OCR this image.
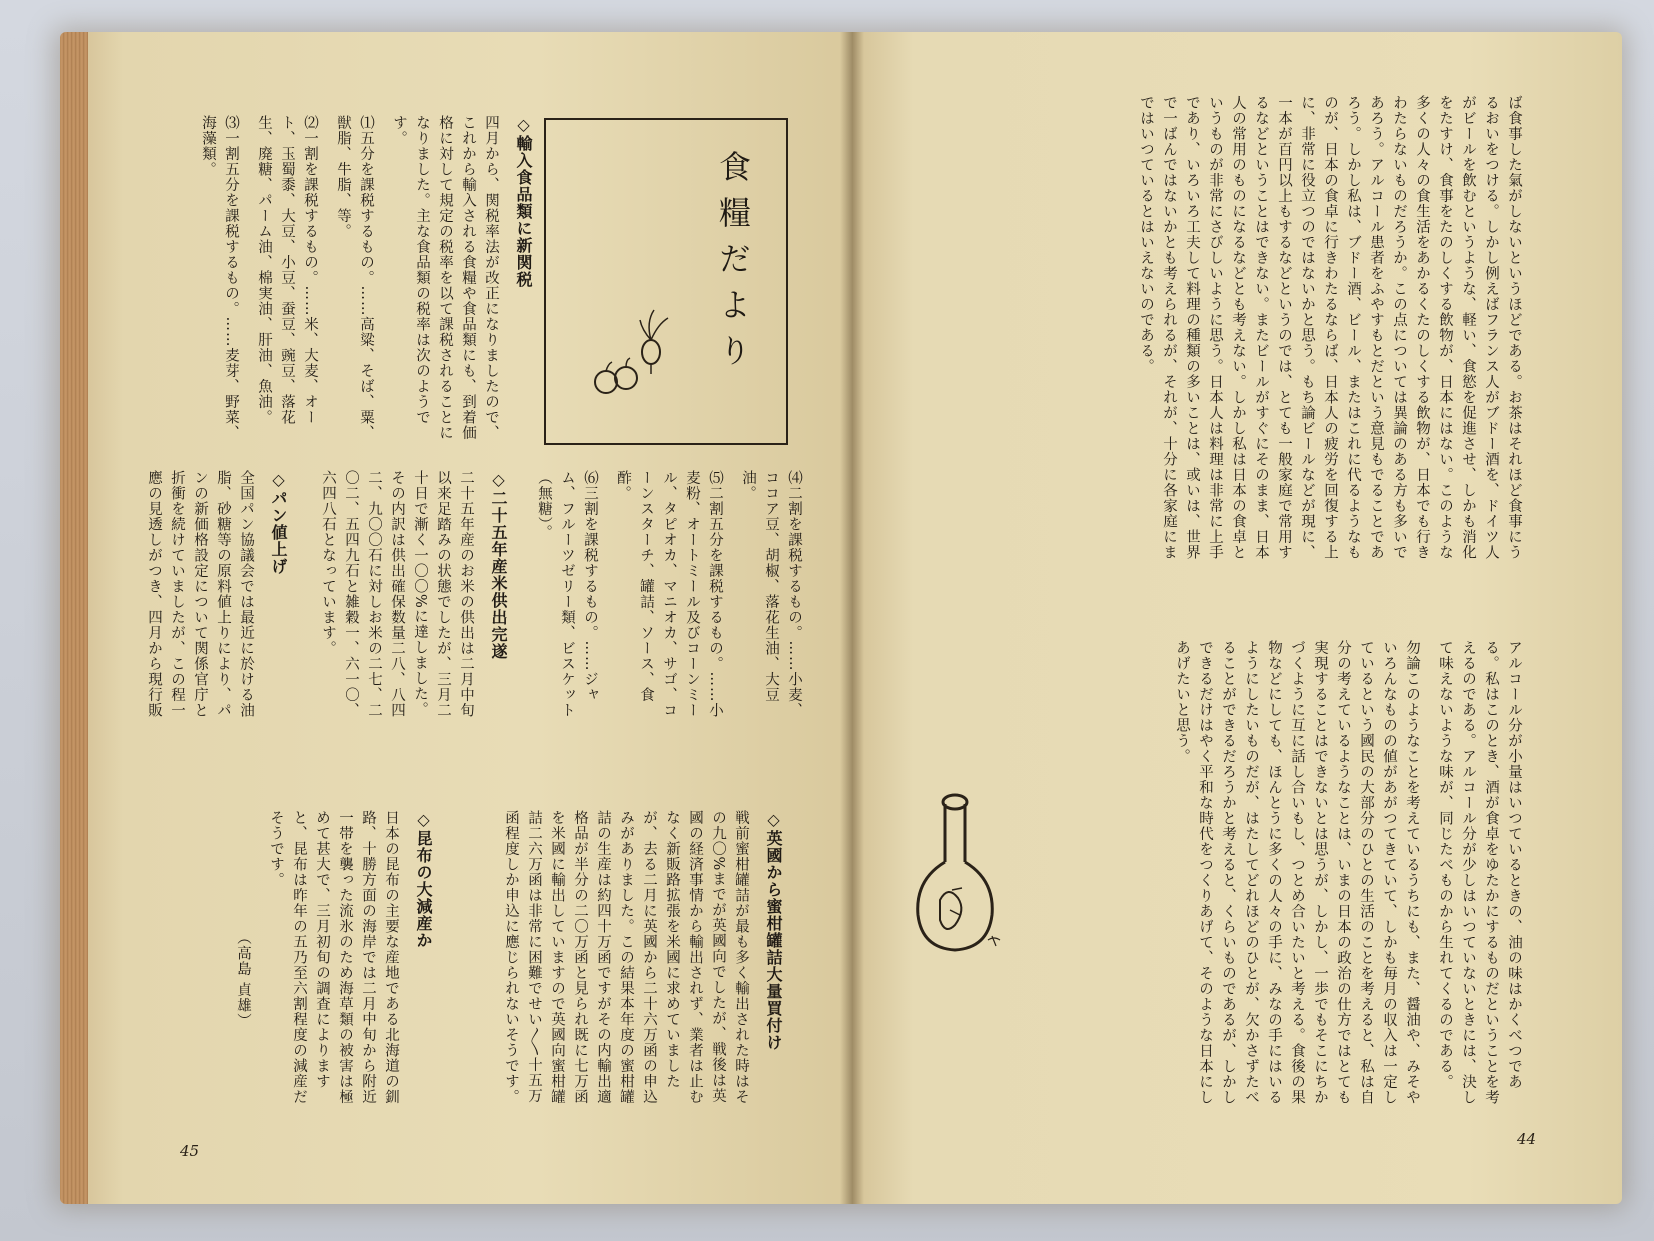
食糧だより

◇輸入食品類に新関税

四月から、関税率法が改正になりましたので、これから輸入される食糧や食品類にも、到着価格に対して規定の税率を以て課税されることになりました。主な食品類の税率は次のようです。

⑴五分を課税するもの。……高粱、そば、粟、獣脂、牛脂、等。

⑵一割を課税するもの。……米、大麦、オート、玉蜀黍、大豆、小豆、蚕豆、豌豆、落花生、廃糖、パーム油、棉実油、肝油、魚油。

⑶一割五分を課税するもの。……麦芽、野菜、海藻類。

⑷二割を課税するもの。……小麦、ココア豆、胡椒、落花生油、大豆油。

⑸二割五分を課税するもの。……小麦粉、オートミール及びコーンミール、タピオカ、マニオカ、サゴ、コーンスターチ、罐詰、ソース、食酢。

⑹三割を課税するもの。……ジャム、フルーツゼリー類、ビスケット（無糖）。

◇二十五年産米供出完遂

二十五年産のお米の供出は二月中旬以来足踏みの状態でしたが、三月二十日で漸く一〇〇%に達しました。その内訳は供出確保数量二八、八四二、九〇〇石に対しお米の二七、二〇二、五四九石と雑穀一、六一〇、六四八石となっています。

◇パン値上げ

全国パン協議会では最近に於ける油脂、砂糖等の原料値上りにより、パンの新価格設定について関係官庁と折衝を続けていましたが、この程一應の見透しがつき、四月から現行販

◇英國から蜜柑罐詰大量買付け

戦前蜜柑罐詰が最も多く輸出された時はその九〇%までが英國向でしたが、戦後は英國の経済事情から輸出されず、業者は止むなく新販路拡張を米國に求めていましたが、去る二月に英國から二十六万函の申込みがありました。この結果本年度の蜜柑罐詰の生産は約四十万函ですがその内輸出適格品が半分の二〇万函と見られ既に七万函を米國に輸出していますので英國向蜜柑罐詰二六万函は非常に困難でせい〳〵十五万函程度しか申込に應じられないそうです。

◇昆布の大減産か

日本の昆布の主要な産地である北海道の釧路、十勝方面の海岸では二月中旬から附近一帯を襲った流氷のため海草類の被害は極めて甚大で、三月初旬の調査によりますと、昆布は昨年の五乃至六割程度の減産だそうです。

（高島 貞雄）

45

ば食事した氣がしないというほどである。お茶はそれほど食事にうるおいをつける。しかし例えばフランス人がブドー酒を、ドイツ人がビールを飲むというような、軽い、食慾を促進させ、しかも消化をたすけ、食事をたのしくする飲物が、日本にはない。このような多くの人々の食生活をあかるくたのしくする飲物が、日本でも行きわたらないものだろうか。この点については異論のある方も多いであろう。アルコール患者をふやすもとだという意見もでることであろう。しかし私は、ブドー酒、ビール、またはこれに代るようなものが、日本の食卓に行きわたるならば、日本人の疲労を回復する上に、非常に役立つのではないかと思う。もち論ビールなどが現に、一本が百円以上もするなどというのでは、とても一般家庭で常用するなどということはできない。またビールがすぐにそのまま、日本人の常用のものになるなどとも考えない。しかし私は日本の食卓というものが非常にさびしいように思う。日本人は料理は非常に上手であり、いろいろ工夫して料理の種類の多いことは、或いは、世界で一ばんではないかとも考えられるが、それが、十分に各家庭にまではいつているとはいえないのである。

アルコール分が小量はいつているときの、油の味はかくべつである。私はこのとき、酒が食卓をゆたかにするものだということを考えるのである。アルコール分が少しはいつていないときには、決して味えないような味が、同じたべものから生れてくるのである。

勿論このようなことを考えているうちにも、また、醤油や、みそやいろんなものの値があがつてきていて、しかも毎月の収入は一定しているという國民の大部分のひとの生活のことを考えると、私は自分の考えているようなことは、いまの日本の政治の仕方ではとても実現することはできないとは思うが、しかし、一歩でもそこにちかづくように互に話し合いもし、つとめ合いたいと考える。食後の果物などにしても、ほんとうに多くの人々の手に、みなの手にはいるようにしたいものだが、はたしてどれほどのひとが、欠かさずたべることができるだろうかと考えると、くらいものであるが、しかしできるだけはやく平和な時代をつくりあげて、そのような日本にしあげたいと思う。

44
